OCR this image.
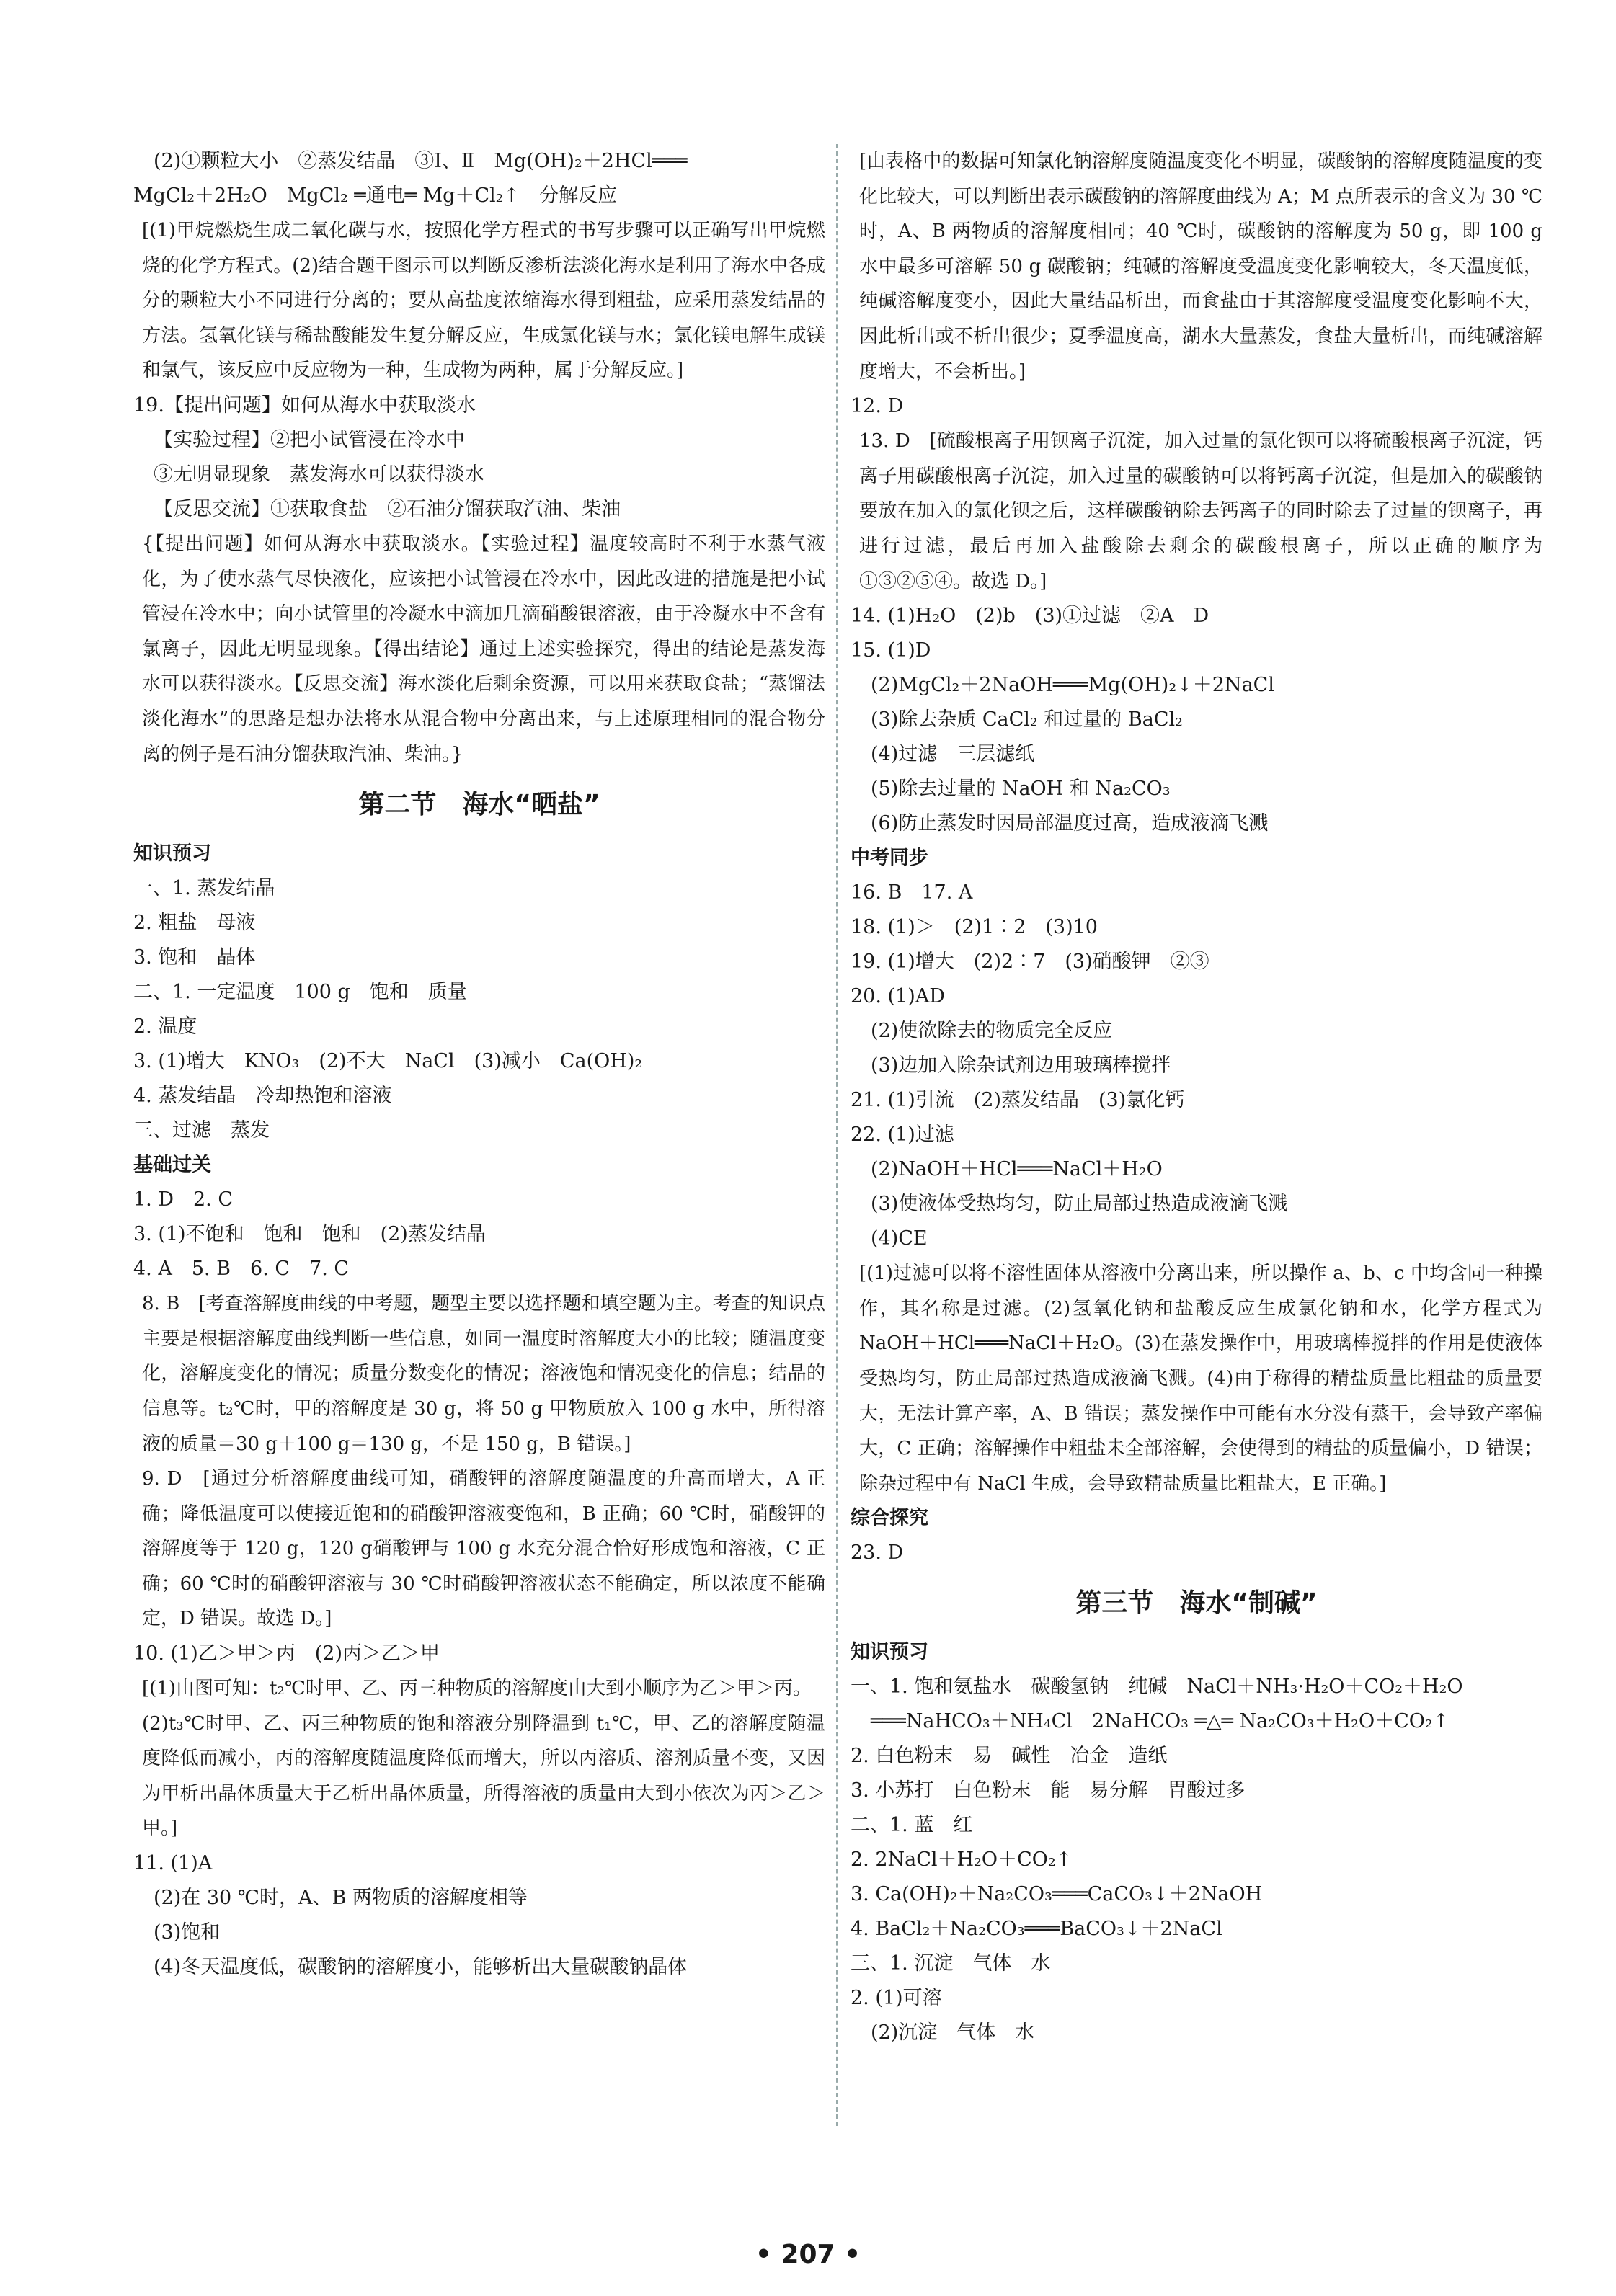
(2)①颗粒大小　②蒸发结晶　③Ⅰ、Ⅱ　Mg(OH)₂＋2HCl═══
MgCl₂＋2H₂O　MgCl₂ ═通电═ Mg＋Cl₂↑　分解反应
[(1)甲烷燃烧生成二氧化碳与水，按照化学方程式的书写步骤可以正确写出甲烷燃烧的化学方程式。(2)结合题干图示可以判断反渗析法淡化海水是利用了海水中各成分的颗粒大小不同进行分离的；要从高盐度浓缩海水得到粗盐，应采用蒸发结晶的方法。氢氧化镁与稀盐酸能发生复分解反应，生成氯化镁与水；氯化镁电解生成镁和氯气，该反应中反应物为一种，生成物为两种，属于分解反应。]
19.【提出问题】如何从海水中获取淡水
【实验过程】②把小试管浸在冷水中
③无明显现象　蒸发海水可以获得淡水
【反思交流】①获取食盐　②石油分馏获取汽油、柴油
{【提出问题】如何从海水中获取淡水。【实验过程】温度较高时不利于水蒸气液化，为了使水蒸气尽快液化，应该把小试管浸在冷水中，因此改进的措施是把小试管浸在冷水中；向小试管里的冷凝水中滴加几滴硝酸银溶液，由于冷凝水中不含有氯离子，因此无明显现象。【得出结论】通过上述实验探究，得出的结论是蒸发海水可以获得淡水。【反思交流】海水淡化后剩余资源，可以用来获取食盐；“蒸馏法淡化海水”的思路是想办法将水从混合物中分离出来，与上述原理相同的混合物分离的例子是石油分馏获取汽油、柴油。}
第二节　海水“晒盐”
知识预习
一、1. 蒸发结晶
2. 粗盐　母液
3. 饱和　晶体
二、1. 一定温度　100 g　饱和　质量
2. 温度
3. (1)增大　KNO₃　(2)不大　NaCl　(3)减小　Ca(OH)₂
4. 蒸发结晶　冷却热饱和溶液
三、过滤　蒸发
基础过关
1. D　2. C
3. (1)不饱和　饱和　饱和　(2)蒸发结晶
4. A　5. B　6. C　7. C
8. B　[考查溶解度曲线的中考题，题型主要以选择题和填空题为主。考查的知识点主要是根据溶解度曲线判断一些信息，如同一温度时溶解度大小的比较；随温度变化，溶解度变化的情况；质量分数变化的情况；溶液饱和情况变化的信息；结晶的信息等。t₂℃时，甲的溶解度是 30 g，将 50 g 甲物质放入 100 g 水中，所得溶液的质量＝30 g＋100 g＝130 g，不是 150 g，B 错误。]
9. D　[通过分析溶解度曲线可知，硝酸钾的溶解度随温度的升高而增大，A 正确；降低温度可以使接近饱和的硝酸钾溶液变饱和，B 正确；60 ℃时，硝酸钾的溶解度等于 120 g，120 g硝酸钾与 100 g 水充分混合恰好形成饱和溶液，C 正确；60 ℃时的硝酸钾溶液与 30 ℃时硝酸钾溶液状态不能确定，所以浓度不能确定，D 错误。故选 D。]
10. (1)乙＞甲＞丙　(2)丙＞乙＞甲
[(1)由图可知：t₂℃时甲、乙、丙三种物质的溶解度由大到小顺序为乙＞甲＞丙。
(2)t₃℃时甲、乙、丙三种物质的饱和溶液分别降温到 t₁℃，甲、乙的溶解度随温度降低而减小，丙的溶解度随温度降低而增大，所以丙溶质、溶剂质量不变，又因为甲析出晶体质量大于乙析出晶体质量，所得溶液的质量由大到小依次为丙＞乙＞甲。]
11. (1)A
(2)在 30 ℃时，A、B 两物质的溶解度相等
(3)饱和
(4)冬天温度低，碳酸钠的溶解度小，能够析出大量碳酸钠晶体
[由表格中的数据可知氯化钠溶解度随温度变化不明显，碳酸钠的溶解度随温度的变化比较大，可以判断出表示碳酸钠的溶解度曲线为 A；M 点所表示的含义为 30 ℃时，A、B 两物质的溶解度相同；40 ℃时，碳酸钠的溶解度为 50 g，即 100 g 水中最多可溶解 50 g 碳酸钠；纯碱的溶解度受温度变化影响较大，冬天温度低，纯碱溶解度变小，因此大量结晶析出，而食盐由于其溶解度受温度变化影响不大，因此析出或不析出很少；夏季温度高，湖水大量蒸发，食盐大量析出，而纯碱溶解度增大，不会析出。]
12. D
13. D　[硫酸根离子用钡离子沉淀，加入过量的氯化钡可以将硫酸根离子沉淀，钙离子用碳酸根离子沉淀，加入过量的碳酸钠可以将钙离子沉淀，但是加入的碳酸钠要放在加入的氯化钡之后，这样碳酸钠除去钙离子的同时除去了过量的钡离子，再进行过滤，最后再加入盐酸除去剩余的碳酸根离子，所以正确的顺序为①③②⑤④。故选 D。]
14. (1)H₂O　(2)b　(3)①过滤　②A　D
15. (1)D
(2)MgCl₂＋2NaOH═══Mg(OH)₂↓＋2NaCl
(3)除去杂质 CaCl₂ 和过量的 BaCl₂
(4)过滤　三层滤纸
(5)除去过量的 NaOH 和 Na₂CO₃
(6)防止蒸发时因局部温度过高，造成液滴飞溅
中考同步
16. B　17. A
18. (1)＞　(2)1∶2　(3)10
19. (1)增大　(2)2∶7　(3)硝酸钾　②③
20. (1)AD
(2)使欲除去的物质完全反应
(3)边加入除杂试剂边用玻璃棒搅拌
21. (1)引流　(2)蒸发结晶　(3)氯化钙
22. (1)过滤
(2)NaOH＋HCl═══NaCl＋H₂O
(3)使液体受热均匀，防止局部过热造成液滴飞溅
(4)CE
[(1)过滤可以将不溶性固体从溶液中分离出来，所以操作 a、b、c 中均含同一种操作，其名称是过滤。(2)氢氧化钠和盐酸反应生成氯化钠和水，化学方程式为 NaOH＋HCl═══NaCl＋H₂O。(3)在蒸发操作中，用玻璃棒搅拌的作用是使液体受热均匀，防止局部过热造成液滴飞溅。(4)由于称得的精盐质量比粗盐的质量要大，无法计算产率，A、B 错误；蒸发操作中可能有水分没有蒸干，会导致产率偏大，C 正确；溶解操作中粗盐未全部溶解，会使得到的精盐的质量偏小，D 错误；除杂过程中有 NaCl 生成，会导致精盐质量比粗盐大，E 正确。]
综合探究
23. D
第三节　海水“制碱”
知识预习
一、1. 饱和氨盐水　碳酸氢钠　纯碱　NaCl＋NH₃·H₂O＋CO₂＋H₂O
═══NaHCO₃＋NH₄Cl　2NaHCO₃ ═△═ Na₂CO₃＋H₂O＋CO₂↑
2. 白色粉末　易　碱性　冶金　造纸
3. 小苏打　白色粉末　能　易分解　胃酸过多
二、1. 蓝　红
2. 2NaCl＋H₂O＋CO₂↑
3. Ca(OH)₂＋Na₂CO₃═══CaCO₃↓＋2NaOH
4. BaCl₂＋Na₂CO₃═══BaCO₃↓＋2NaCl
三、1. 沉淀　气体　水
2. (1)可溶
(2)沉淀　气体　水
• 207 •
